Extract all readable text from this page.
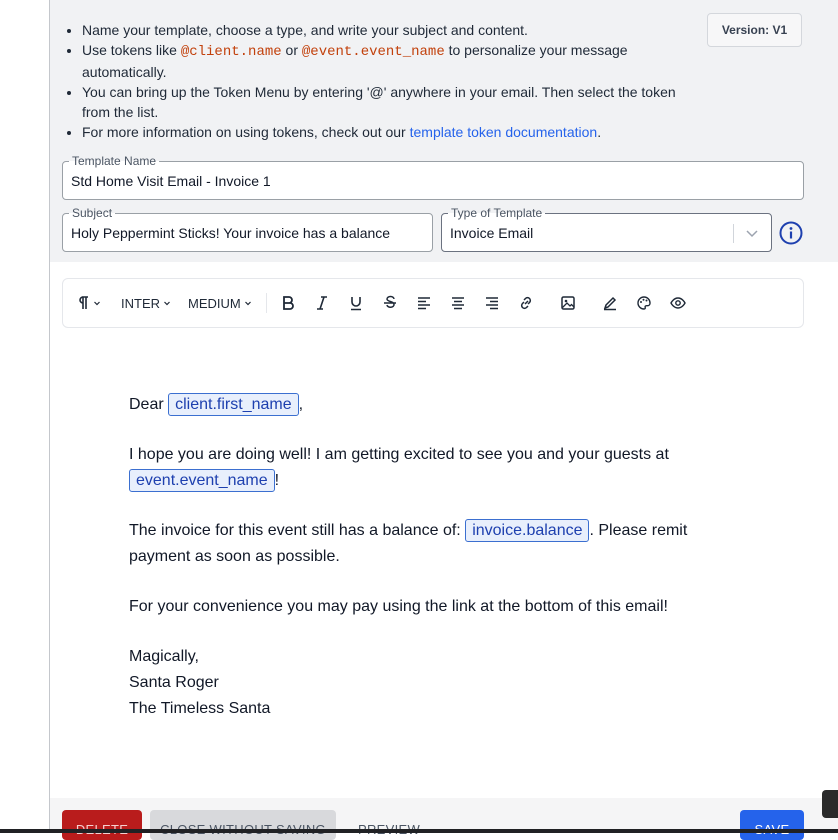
• Name your template, choose a type, and write your subject and content.
• Use tokens like @client.name or @event.event_name to personalize your message automatically.
• You can bring up the Token Menu by entering '@' anywhere in your email. Then select the token from the list.
• For more information on using tokens, check out our template token documentation.
Version: V1
Template Name
Std Home Visit Email - Invoice 1
Subject
Holy Peppermint Sticks! Your invoice has a balance
Type of Template
Invoice Email
INTER MEDIUM

Dear client.first_name ,

I hope you are doing well! I am getting excited to see you and your guests at event.event_name !

The invoice for this event still has a balance of: invoice.balance . Please remit payment as soon as possible.

For your convenience you may pay using the link at the bottom of this email!

Magically,

Santa Roger

The Timeless Santa
